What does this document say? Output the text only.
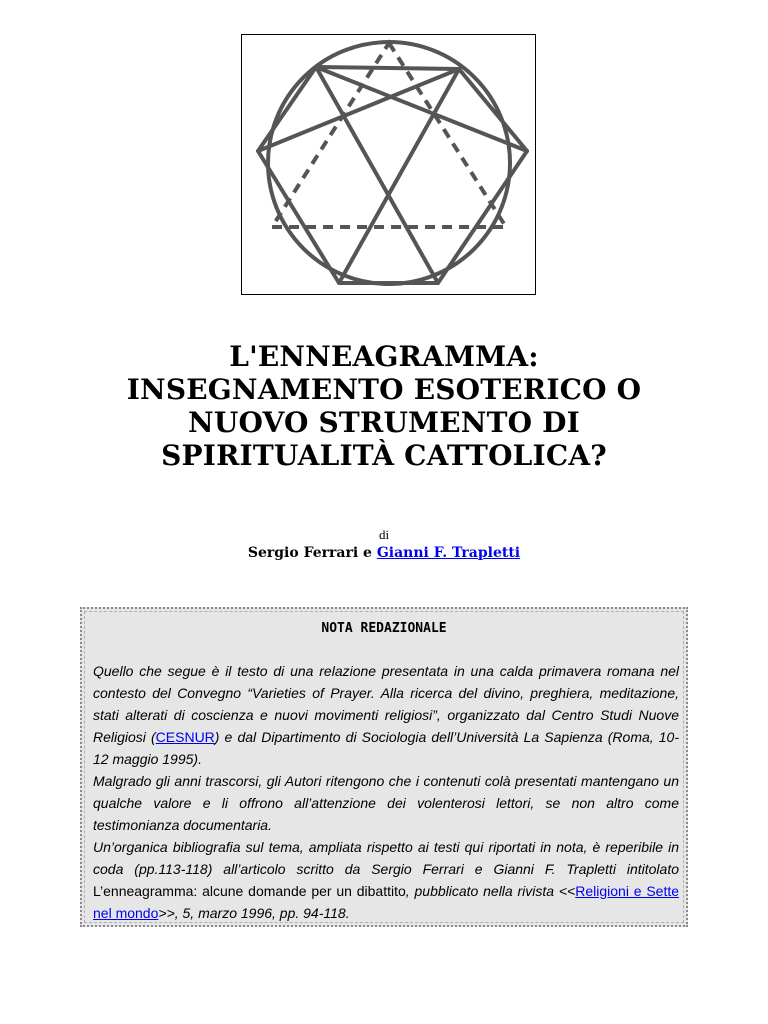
L'ENNEAGRAMMA:
INSEGNAMENTO ESOTERICO O
NUOVO STRUMENTO DI
SPIRITUALITÀ CATTOLICA?
di
Sergio Ferrari e Gianni F. Trapletti
NOTA REDAZIONALE

Quello che segue è il testo di una relazione presentata in una calda primavera romana nel contesto del Convegno “Varieties of Prayer. Alla ricerca del divino, preghiera, meditazione, stati alterati di coscienza e nuovi movimenti religiosi”, organizzato dal Centro Studi Nuove Religiosi (CESNUR) e dal Dipartimento di Sociologia dell’Università La Sapienza (Roma, 10-12 maggio 1995).

Malgrado gli anni trascorsi, gli Autori ritengono che i contenuti colà presentati mantengano un qualche valore e li offrono all’attenzione dei volenterosi lettori, se non altro come testimonianza documentaria.

Un’organica bibliografia sul tema, ampliata rispetto ai testi qui riportati in nota, è reperibile in coda (pp.113-118) all’articolo scritto da Sergio Ferrari e Gianni F. Trapletti intitolato L’enneagramma: alcune domande per un dibattito, pubblicato nella rivista <<Religioni e Sette nel mondo>>, 5, marzo 1996, pp. 94-118.
